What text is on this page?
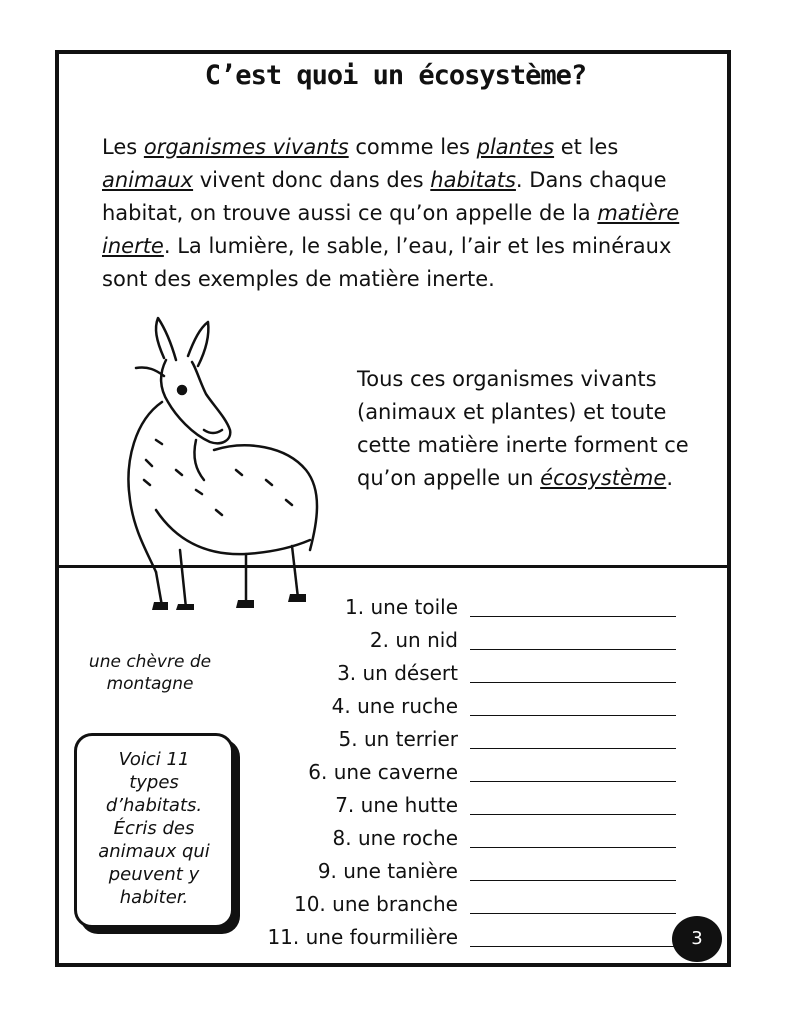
C’est quoi un écosystème?

Les organismes vivants comme les plantes et les animaux vivent donc dans des habitats. Dans chaque habitat, on trouve aussi ce qu’on appelle de la matière inerte. La lumière, le sable, l’eau, l’air et les minéraux sont des exemples de matière inerte.

Tous ces organismes vivants (animaux et plantes) et toute cette matière inerte forment ce qu’on appelle un écosystème.

une chèvre de montagne
Voici 11
types
d’habitats.
Écris des
animaux qui
peuvent y
habiter.
1. une toile
2. un nid
3. un désert
4. une ruche
5. un terrier
6. une caverne
7. une hutte
8. une roche
9. une tanière
10. une branche
11. une fourmilière	3
